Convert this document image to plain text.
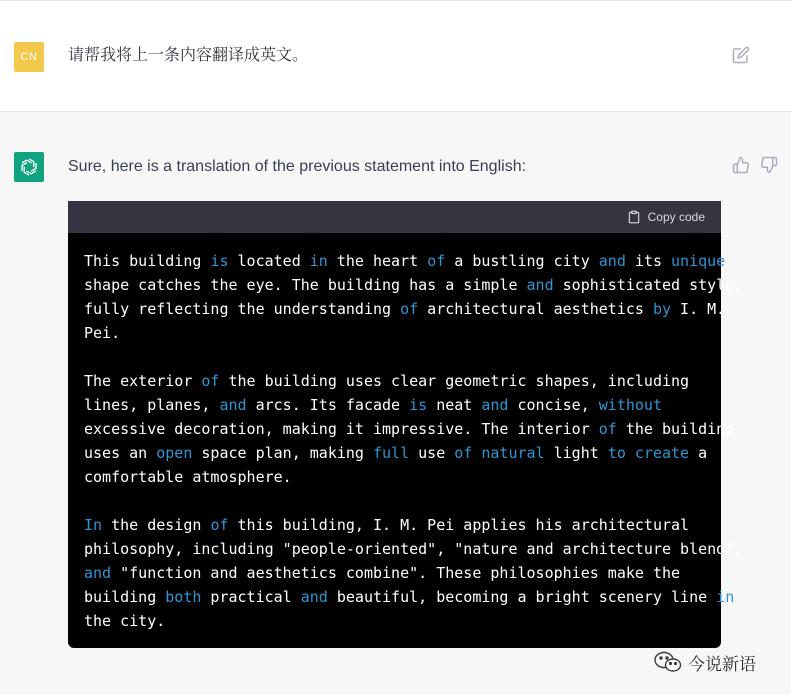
CN	请帮我将上一条内容翻译成英文。
Sure, here is a translation of the previous statement into English:
Copy code
This building is located in the heart of a bustling city and its unique
shape catches the eye. The building has a simple and sophisticated style,
fully reflecting the understanding of architectural aesthetics by I. M.
Pei.

The exterior of the building uses clear geometric shapes, including
lines, planes, and arcs. Its facade is neat and concise, without
excessive decoration, making it impressive. The interior of the building
uses an open space plan, making full use of natural light to create a
comfortable atmosphere.

In the design of this building, I. M. Pei applies his architectural
philosophy, including "people-oriented", "nature and architecture blend",
and "function and aesthetics combine". These philosophies make the
building both practical and beautiful, becoming a bright scenery line in
the city.
今说新语
